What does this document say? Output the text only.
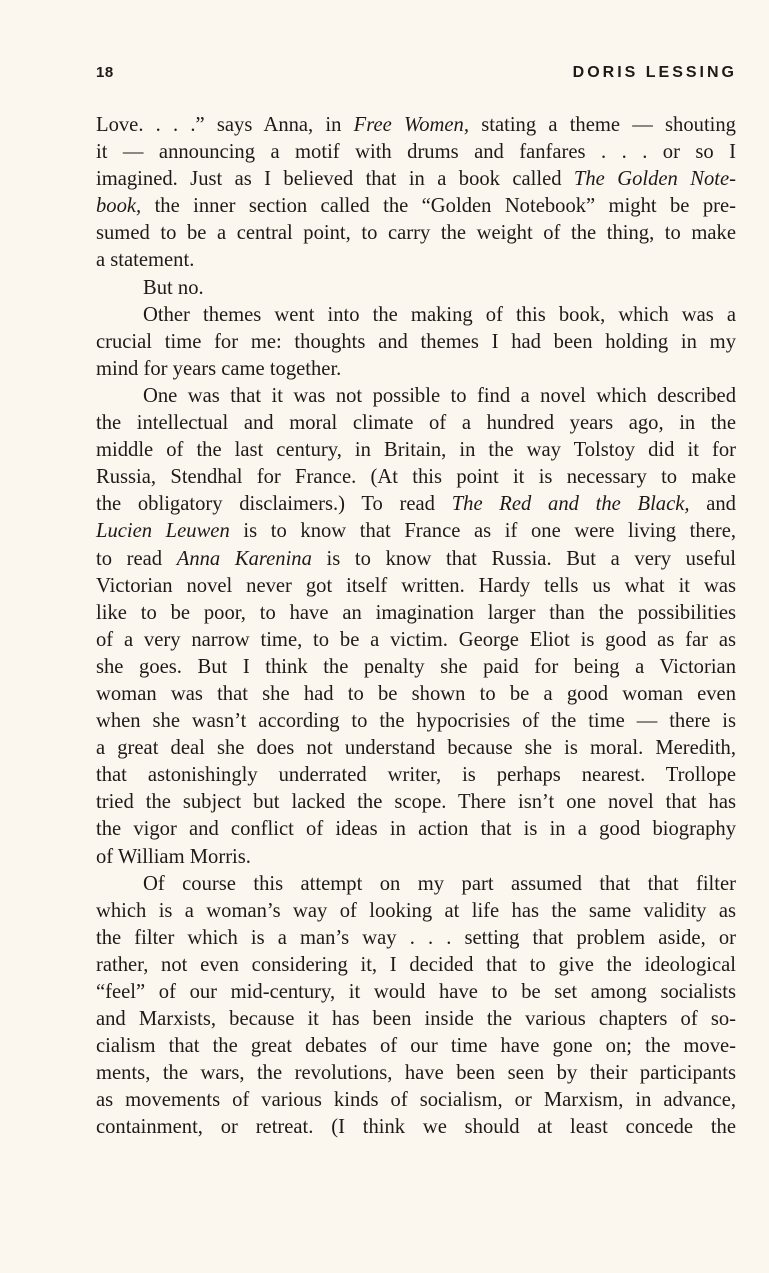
18	DORIS LESSING
Love. . . .” says Anna, in Free Women, stating a theme — shouting
it — announcing a motif with drums and fanfares . . . or so I
imagined. Just as I believed that in a book called The Golden Note-
book, the inner section called the “Golden Notebook” might be pre-
sumed to be a central point, to carry the weight of the thing, to make
a statement.
But no.
Other themes went into the making of this book, which was a
crucial time for me: thoughts and themes I had been holding in my
mind for years came together.
One was that it was not possible to find a novel which described
the intellectual and moral climate of a hundred years ago, in the
middle of the last century, in Britain, in the way Tolstoy did it for
Russia, Stendhal for France. (At this point it is necessary to make
the obligatory disclaimers.) To read The Red and the Black, and
Lucien Leuwen is to know that France as if one were living there,
to read Anna Karenina is to know that Russia. But a very useful
Victorian novel never got itself written. Hardy tells us what it was
like to be poor, to have an imagination larger than the possibilities
of a very narrow time, to be a victim. George Eliot is good as far as
she goes. But I think the penalty she paid for being a Victorian
woman was that she had to be shown to be a good woman even
when she wasn’t according to the hypocrisies of the time — there is
a great deal she does not understand because she is moral. Meredith,
that astonishingly underrated writer, is perhaps nearest. Trollope
tried the subject but lacked the scope. There isn’t one novel that has
the vigor and conflict of ideas in action that is in a good biography
of William Morris.
Of course this attempt on my part assumed that that filter
which is a woman’s way of looking at life has the same validity as
the filter which is a man’s way . . . setting that problem aside, or
rather, not even considering it, I decided that to give the ideological
“feel” of our mid-century, it would have to be set among socialists
and Marxists, because it has been inside the various chapters of so-
cialism that the great debates of our time have gone on; the move-
ments, the wars, the revolutions, have been seen by their participants
as movements of various kinds of socialism, or Marxism, in advance,
containment, or retreat. (I think we should at least concede the
